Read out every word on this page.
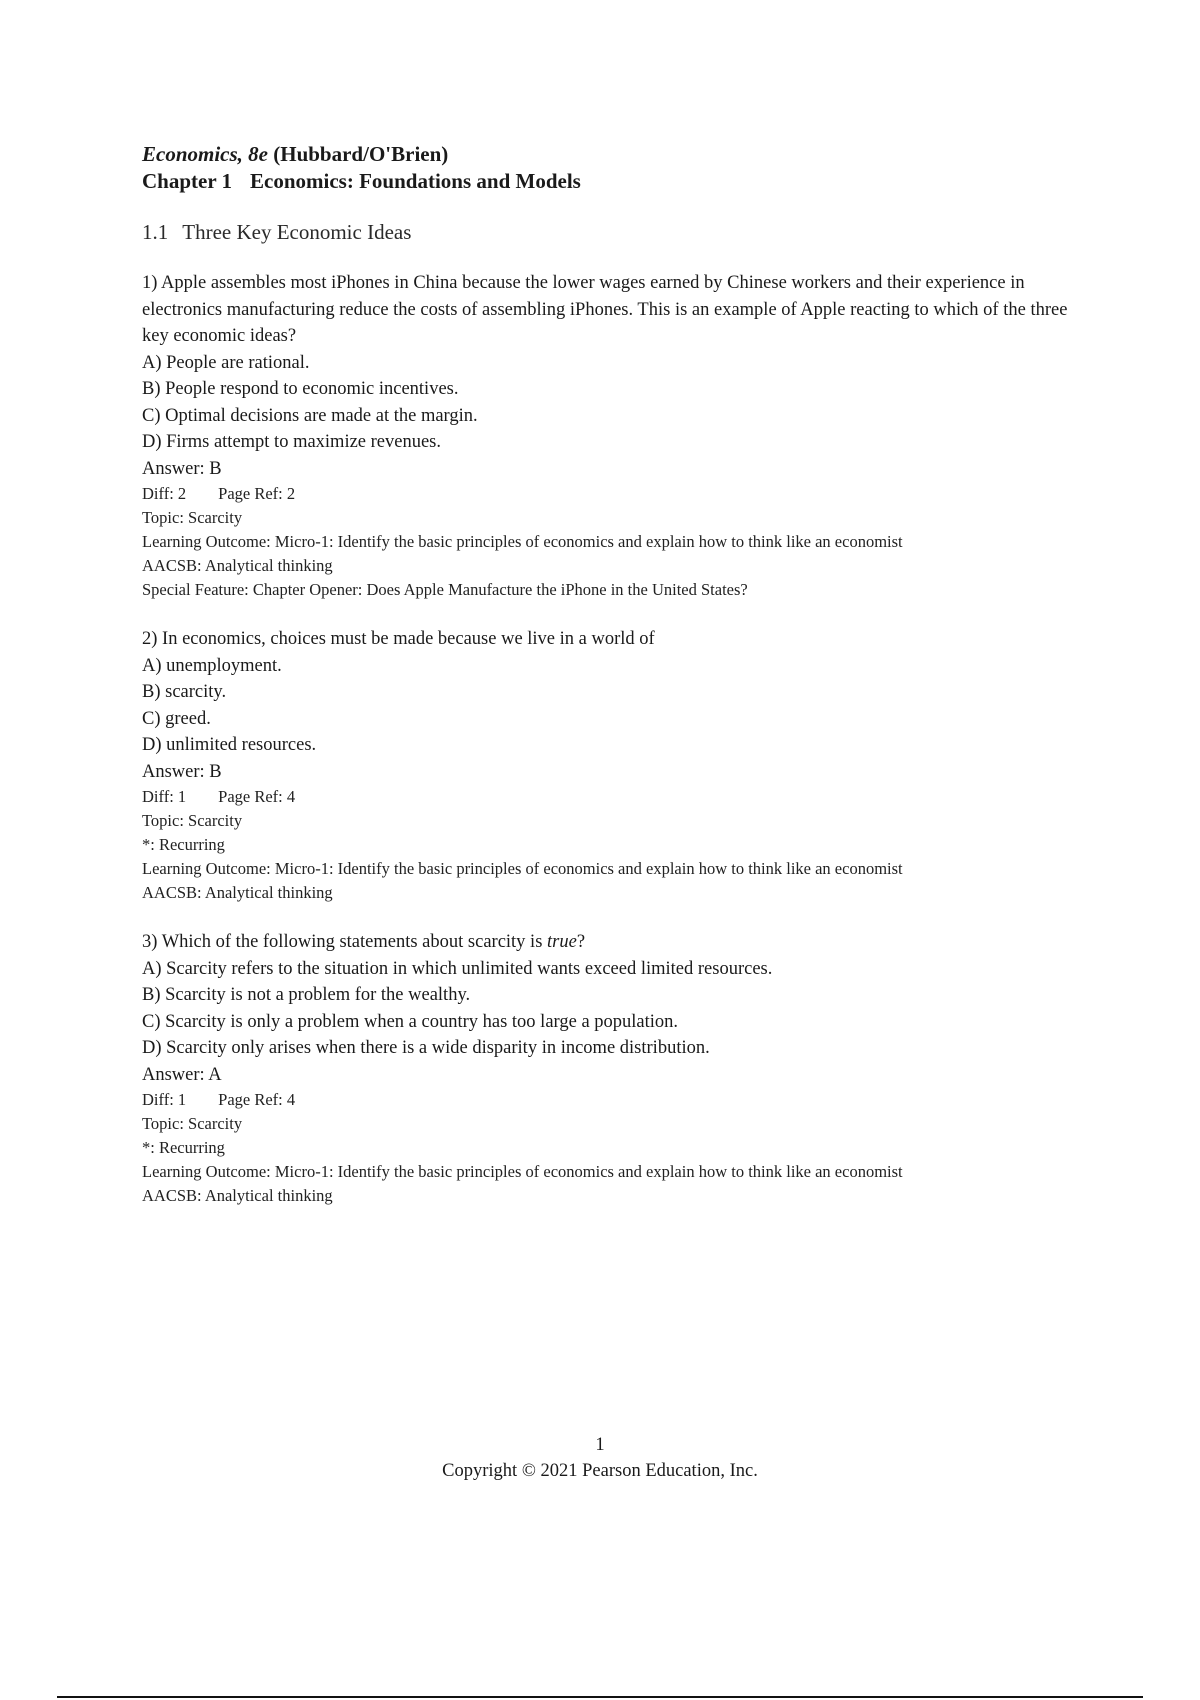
Economics, 8e (Hubbard/O'Brien)

Chapter 1 Economics: Foundations and Models

1.1 Three Key Economic Ideas

1) Apple assembles most iPhones in China because the lower wages earned by Chinese workers and their experience in electronics manufacturing reduce the costs of assembling iPhones. This is an example of Apple reacting to which of the three key economic ideas?

A) People are rational.

B) People respond to economic incentives.

C) Optimal decisions are made at the margin.

D) Firms attempt to maximize revenues.

Answer: B

Diff: 2 Page Ref: 2

Topic: Scarcity

Learning Outcome: Micro-1: Identify the basic principles of economics and explain how to think like an economist

AACSB: Analytical thinking

Special Feature: Chapter Opener: Does Apple Manufacture the iPhone in the United States?

2) In economics, choices must be made because we live in a world of

A) unemployment.

B) scarcity.

C) greed.

D) unlimited resources.

Answer: B

Diff: 1 Page Ref: 4

Topic: Scarcity

*: Recurring

Learning Outcome: Micro-1: Identify the basic principles of economics and explain how to think like an economist

AACSB: Analytical thinking

3) Which of the following statements about scarcity is true?

A) Scarcity refers to the situation in which unlimited wants exceed limited resources.

B) Scarcity is not a problem for the wealthy.

C) Scarcity is only a problem when a country has too large a population.

D) Scarcity only arises when there is a wide disparity in income distribution.

Answer: A

Diff: 1 Page Ref: 4

Topic: Scarcity

*: Recurring

Learning Outcome: Micro-1: Identify the basic principles of economics and explain how to think like an economist

AACSB: Analytical thinking

1
Copyright © 2021 Pearson Education, Inc.
